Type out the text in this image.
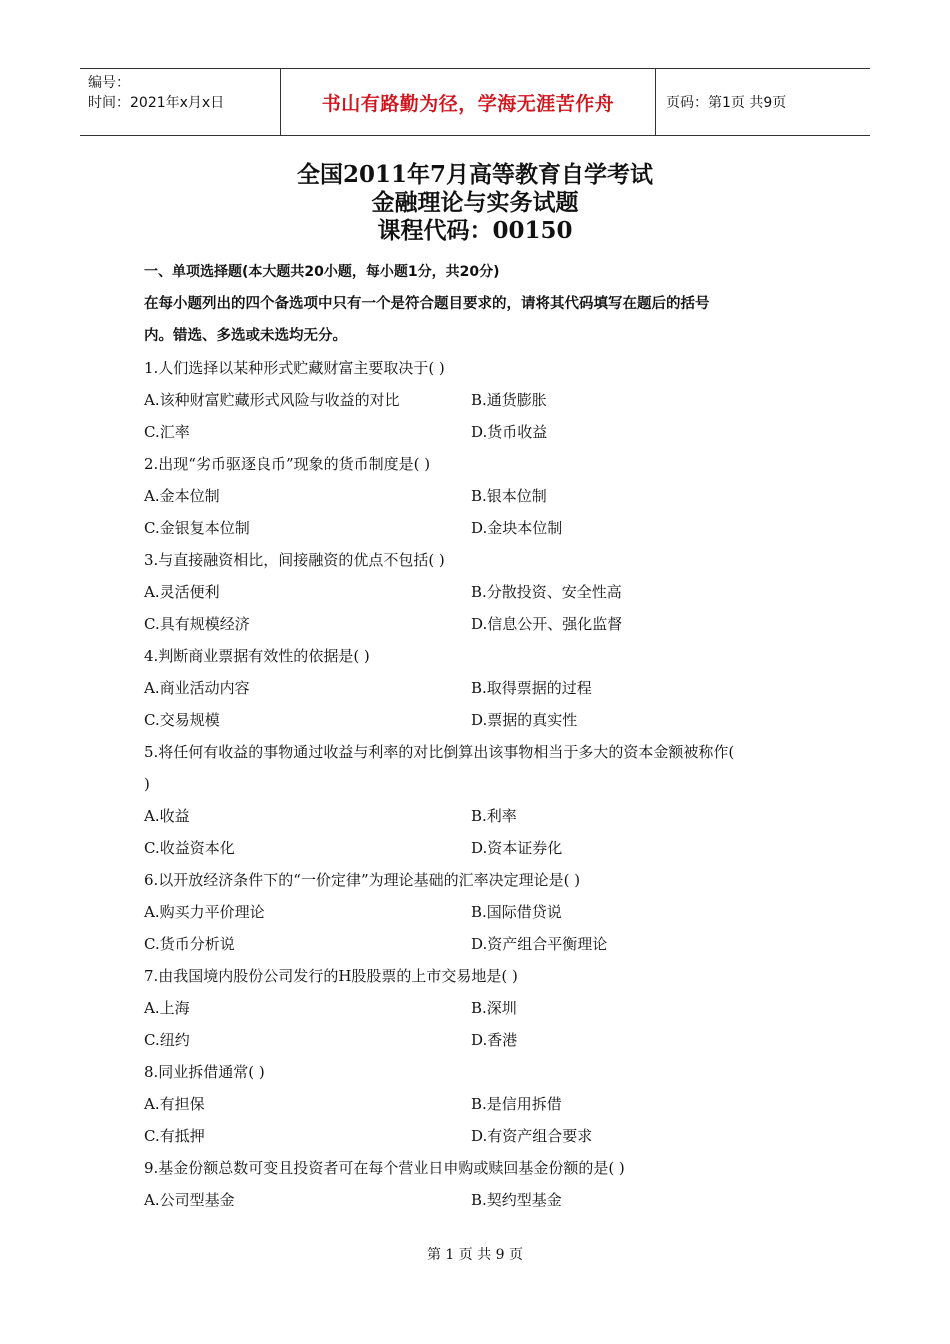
编号：
时间：2021年x月x日	书山有路勤为径，学海无涯苦作舟	页码：第1页 共9页
全国2011年7月高等教育自学考试
金融理论与实务试题
课程代码：00150
一、单项选择题(本大题共20小题，每小题1分，共20分)
在每小题列出的四个备选项中只有一个是符合题目要求的，请将其代码填写在题后的括号
内。错选、多选或未选均无分。
1.人们选择以某种形式贮藏财富主要取决于( )
A.该种财富贮藏形式风险与收益的对比	B.通货膨胀
C.汇率	D.货币收益
2.出现“劣币驱逐良币”现象的货币制度是( )
A.金本位制	B.银本位制
C.金银复本位制	D.金块本位制
3.与直接融资相比，间接融资的优点不包括( )
A.灵活便利	B.分散投资、安全性高
C.具有规模经济	D.信息公开、强化监督
4.判断商业票据有效性的依据是( )
A.商业活动内容	B.取得票据的过程
C.交易规模	D.票据的真实性
5.将任何有收益的事物通过收益与利率的对比倒算出该事物相当于多大的资本金额被称作(
)
A.收益	B.利率
C.收益资本化	D.资本证券化
6.以开放经济条件下的“一价定律”为理论基础的汇率决定理论是( )
A.购买力平价理论	B.国际借贷说
C.货币分析说	D.资产组合平衡理论
7.由我国境内股份公司发行的H股股票的上市交易地是( )
A.上海	B.深圳
C.纽约	D.香港
8.同业拆借通常( )
A.有担保	B.是信用拆借
C.有抵押	D.有资产组合要求
9.基金份额总数可变且投资者可在每个营业日申购或赎回基金份额的是( )
A.公司型基金	B.契约型基金
第 1 页 共 9 页
